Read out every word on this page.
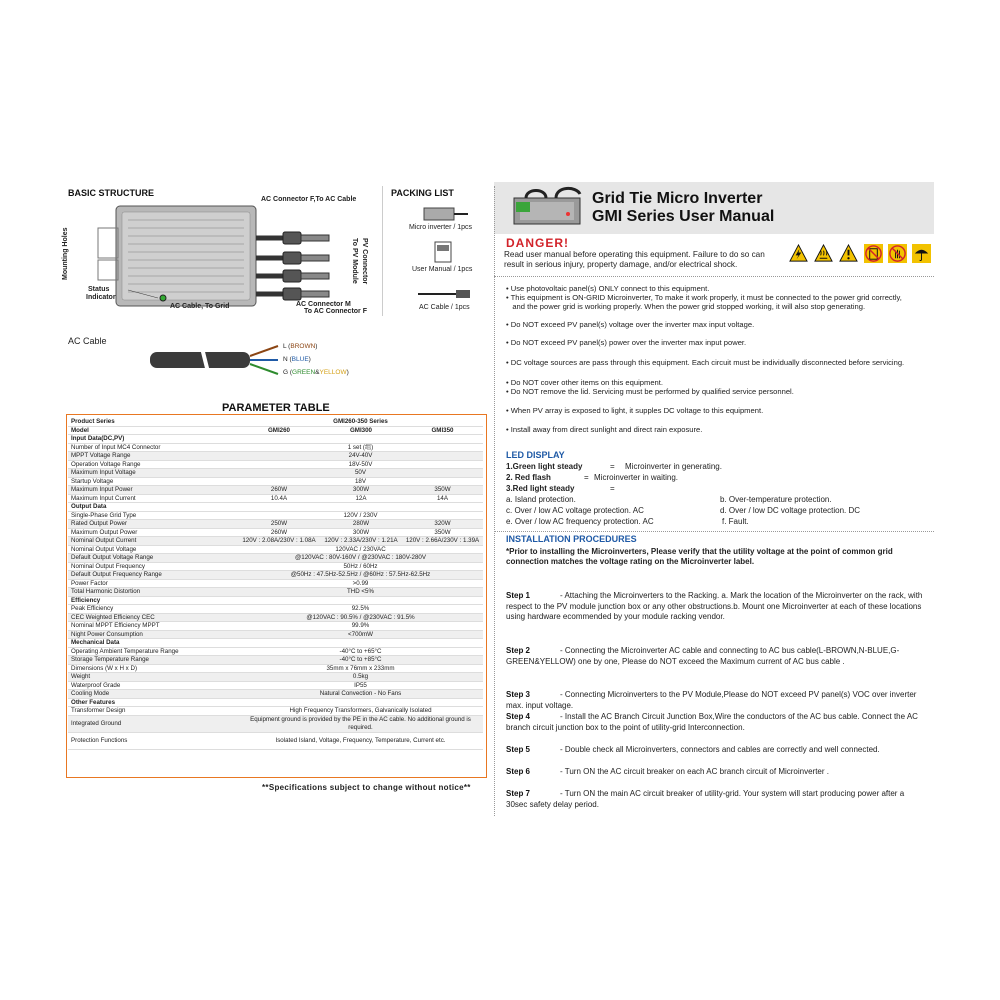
BASIC STRUCTURE
AC Connector F,To AC Cable
Mounting Holes
Status
Indicator
PV Connector
To PV Module
AC Cable, To Grid	AC Connector M
To AC Connector F
PACKING LIST
Micro inverter / 1pcs
User Manual / 1pcs
AC Cable / 1pcs
AC Cable
L (BROWN)
N (BLUE)
G (GREEN&YELLOW)
PARAMETER TABLE
Product Series	GMI260-350 Series		
Model	GMI260	GMI300	GMI350
Input Data(DC,PV)			
Number of Input MC4 Connector	1 set (组)		
MPPT Voltage Range	24V-40V		
Operation Voltage Range	18V-50V		
Maximum Input Voltage	50V		
Startup Voltage	18V		
Maximum Input Power	260W	300W	350W
Maximum Input Current	10.4A	12A	14A
Output Data			
Single-Phase Grid Type	120V / 230V		
Rated Output Power	250W	280W	320W
Maximum Output Power	260W	300W	350W
Nominal Output Current	120V : 2.08A/230V : 1.08A	120V : 2.33A/230V : 1.21A	120V : 2.66A/230V : 1.39A
Nominal Output Voltage	120VAC / 230VAC		
Default Output Voltage Range	@120VAC : 80V-160V / @230VAC : 180V-280V		
Nominal Output Frequency	50Hz / 60Hz		
Default Output Frequency Range	@50Hz : 47.5Hz-52.5Hz / @60Hz : 57.5Hz-62.5Hz		
Power Factor	>0.99		
Total Harmonic Distortion	THD <5%		
Efficiency			
Peak Efficiency	92.5%		
CEC Weighted Efficiency CEC	@120VAC : 90.5% / @230VAC : 91.5%		
Nominal MPPT Efficiency MPPT	99.9%		
Night Power Consumption	<700mW		
Mechanical Data			
Operating Ambient Temperature Range	-40°C to +65°C		
Storage Temperature Range	-40°C to +85°C		
Dimensions (W x H x D)	35mm x 76mm x 233mm		
Weight	0.5kg		
Waterproof Grade	IP55		
Cooling Mode	Natural Convection - No Fans		
Other Features			
Transformer Design	High Frequency Transformers, Galvanically Isolated		
Integrated Ground	Equipment ground is provided by the PE in the AC cable. No additional ground is required.		
Protection Functions	Isolated Island, Voltage, Frequency, Temperature, Current etc.		
**Specifications subject to change without notice**
Grid Tie Micro Inverter
GMI Series User Manual
DANGER!
Read user manual before operating this equipment. Failure to do so can
result in serious injury, property damage, and/or electrical shock.
• Use photovoltaic panel(s) ONLY connect to this equipment.
• This equipment is ON-GRID Microinverter, To make it work properly, it must be connected to the power grid correctly,
and the power grid is working properly. When the power grid stopped working, it will also stop generating.
• Do NOT exceed PV panel(s) voltage over the inverter max input voltage.
• Do NOT exceed PV panel(s) power over the inverter max input power.
• DC voltage sources are pass through this equipment. Each circuit must be individually disconnected before servicing.
• Do NOT cover other items on this equipment.
• Do NOT remove the lid. Servicing must be performed by qualified service personnel.
• When PV array is exposed to light, it supples DC voltage to this equipment.
• Install away from direct sunlight and direct rain exposure.
LED DISPLAY
1.Green light steady	= Microinverter in generating.
2. Red flash	= Microinverter in waiting.
3.Red light steady	=
a. Island protection.	b. Over-temperature protection.
c. Over / low AC voltage protection. AC	d. Over / low DC voltage protection. DC
e. Over / low AC frequency protection. AC	f. Fault.
INSTALLATION PROCEDURES
*Prior to installing the Microinverters, Please verify that the utility voltage at the point of common grid
connection matches the voltage rating on the Microinverter label.
Step 1	- Attaching the Microinverters to the Racking. a. Mark the location of the Microinverter on the rack, with respect to the PV module junction box or any other obstructions.b. Mount one Microinverter at each of these locations using hardware ecommended by your module racking vendor.
Step 2	- Connecting the Microinverter AC cable and connecting to AC bus cable(L-BROWN,N-BLUE,G-GREEN&YELLOW) one by one, Please do NOT exceed the Maximum current of AC bus cable .
Step 3	- Connecting Microinverters to the PV Module,Please do NOT exceed PV panel(s) VOC over inverter max. input voltage.
Step 4	- Install the AC Branch Circuit Junction Box,Wire the conductors of the AC bus cable. Connect the AC branch circuit junction box to the point of utility-grid Interconnection.
Step 5	- Double check all Microinverters, connectors and cables are correctly and well connected.
Step 6	- Turn ON the AC circuit breaker on each AC branch circuit of Microinverter .
Step 7	- Turn ON the main AC circuit breaker of utility-grid. Your system will start producing power after a 30sec safety delay period.
